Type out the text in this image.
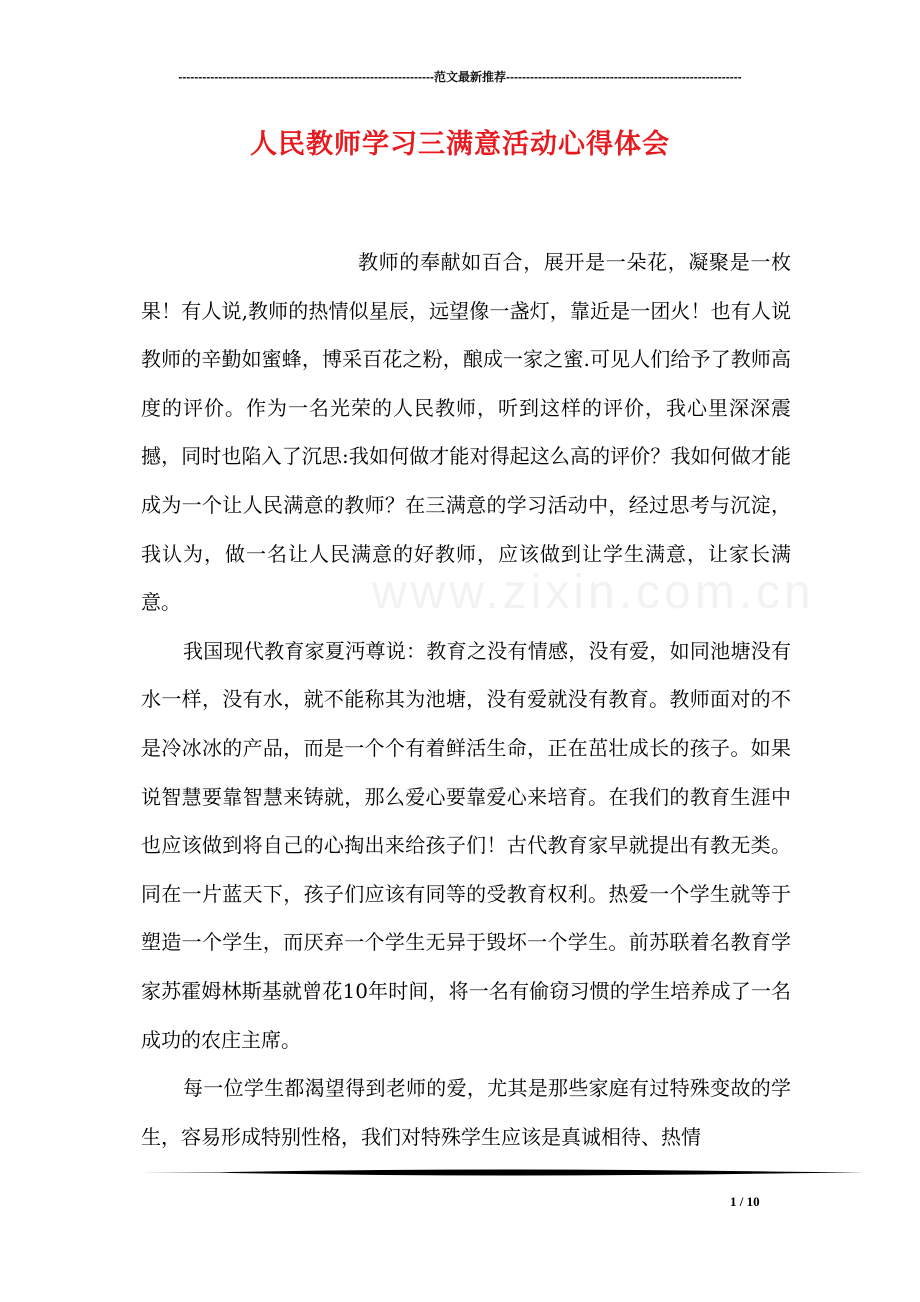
----------------------------------------------------------------范文最新推荐-----------------------------------------------------------
人民教师学习三满意活动心得体会
www.zixin.com.cn

教师的奉献如百合，展开是一朵花，凝聚是一枚果！有人说,教师的热情似星辰，远望像一盏灯，靠近是一团火！也有人说教师的辛勤如蜜蜂，博采百花之粉，酿成一家之蜜.可见人们给予了教师高度的评价。作为一名光荣的人民教师，听到这样的评价，我心里深深震撼，同时也陷入了沉思:我如何做才能对得起这么高的评价？我如何做才能成为一个让人民满意的教师？在三满意的学习活动中，经过思考与沉淀，我认为，做一名让人民满意的好教师，应该做到让学生满意，让家长满意。

我国现代教育家夏沔尊说：教育之没有情感，没有爱，如同池塘没有水一样，没有水，就不能称其为池塘，没有爱就没有教育。教师面对的不是冷冰冰的产品，而是一个个有着鲜活生命，正在茁壮成长的孩子。如果说智慧要靠智慧来铸就，那么爱心要靠爱心来培育。在我们的教育生涯中也应该做到将自己的心掏出来给孩子们！古代教育家早就提出有教无类。同在一片蓝天下，孩子们应该有同等的受教育权利。热爱一个学生就等于塑造一个学生，而厌弃一个学生无异于毁坏一个学生。前苏联着名教育学家苏霍姆林斯基就曾花10年时间，将一名有偷窃习惯的学生培养成了一名成功的农庄主席。

每一位学生都渴望得到老师的爱，尤其是那些家庭有过特殊变故的学生，容易形成特别性格，我们对特殊学生应该是真诚相待、热情

1 / 10
